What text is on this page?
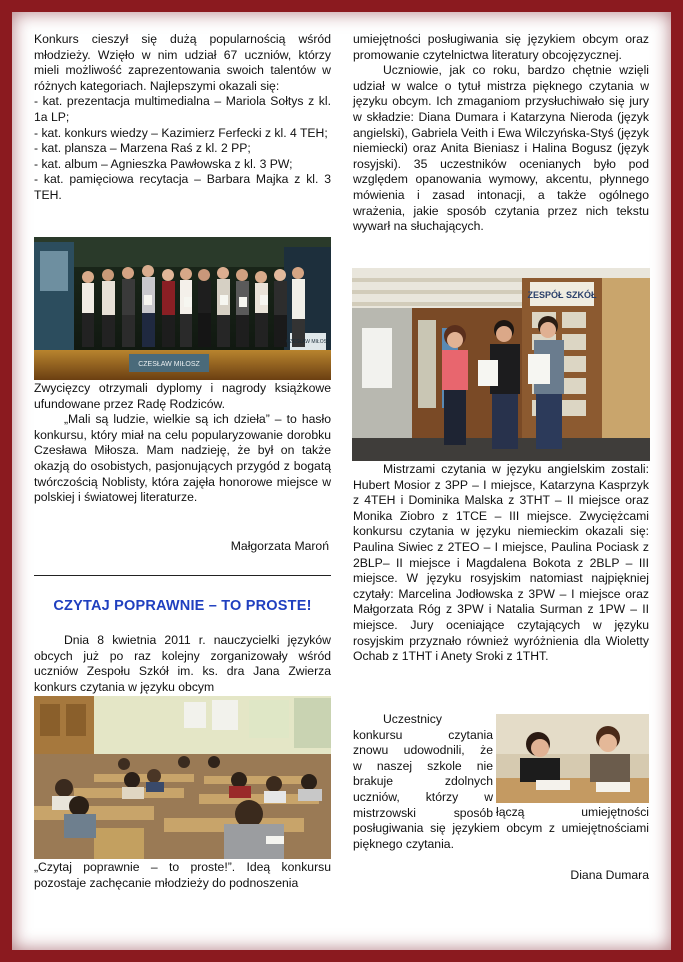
Konkurs cieszył się dużą popularnością wśród młodzieży. Wzięło w nim udział 67 uczniów, którzy mieli możliwość zaprezentowania swoich talentów w różnych kategoriach. Najlepszymi okazali się:

- kat. prezentacja multimedialna – Mariola Sołtys z kl. 1a LP;

- kat. konkurs wiedzy – Kazimierz Ferfecki z kl. 4 TEH;

- kat. plansza – Marzena Raś z kl. 2 PP;

- kat. album – Agnieszka Pawłowska z kl. 3 PW;

- kat. pamięciowa recytacja – Barbara Majka z kl. 3 TEH.

CZESŁAW MIŁOSZ
CZESŁAW MIŁOSZ

Zwycięzcy otrzymali dyplomy i nagrody książkowe ufundowane przez Radę Rodziców.

„Mali są ludzie, wielkie są ich dzieła” – to hasło konkursu, który miał na celu popularyzowanie dorobku Czesława Miłosza. Mam nadzieję, że był on także okazją do osobistych, pasjonujących przygód z bogatą twórczością Noblisty, która zajęła honorowe miejsce w polskiej i światowej literaturze.

Małgorzata Maroń
CZYTAJ POPRAWNIE – TO PROSTE!

Dnia 8 kwietnia 2011 r. nauczycielki języków obcych już po raz kolejny zorganizowały wśród uczniów Zespołu Szkół im. ks. dra Jana Zwierza konkurs czytania w języku obcym

„Czytaj poprawnie – to proste!”. Ideą konkursu pozostaje zachęcanie młodzieży do podnoszenia

umiejętności posługiwania się językiem obcym oraz promowanie czytelnictwa literatury obcojęzycznej.

Uczniowie, jak co roku, bardzo chętnie wzięli udział w walce o tytuł mistrza pięknego czytania w języku obcym. Ich zmaganiom przysłuchiwało się jury w składzie: Diana Dumara i Katarzyna Nieroda (język angielski), Gabriela Veith i Ewa Wilczyńska-Styś (język niemiecki) oraz Anita Bieniasz i Halina Bogusz (język rosyjski). 35 uczestników ocenianych było pod względem opanowania wymowy, akcentu, płynnego mówienia i zasad intonacji, a także ogólnego wrażenia, jakie sposób czytania przez nich tekstu wywarł na słuchających.

ZESPÓŁ SZKÓŁ

Mistrzami czytania w języku angielskim zostali: Hubert Mosior z 3PP – I miejsce, Katarzyna Kasprzyk z 4TEH i Dominika Malska z 3THT – II miejsce oraz Monika Ziobro z 1TCE – III miejsce. Zwyciężcami konkursu czytania w języku niemieckim okazali się: Paulina Siwiec z 2TEO – I miejsce, Paulina Pociask z 2BLP– II miejsce i Magdalena Bokota z 2BLP – III miejsce. W języku rosyjskim natomiast najpiękniej czytały: Marcelina Jodłowska z 3PW – I miejsce oraz Małgorzata Róg z 3PW i Natalia Surman z 1PW – II miejsce. Jury oceniające czytających w języku rosyjskim przyznało również wyróżnienia dla Wioletty Ochab z 1THT i Anety Sroki z 1THT.

Uczestnicy

konkursu czytania

znowu udowodnili, że

w naszej szkole nie

brakuje zdolnych

uczniów, którzy w

mistrzowski sposób łączą umiejętności
posługiwania się językiem obcym z umiejętnościami pięknego czytania.
Diana Dumara
